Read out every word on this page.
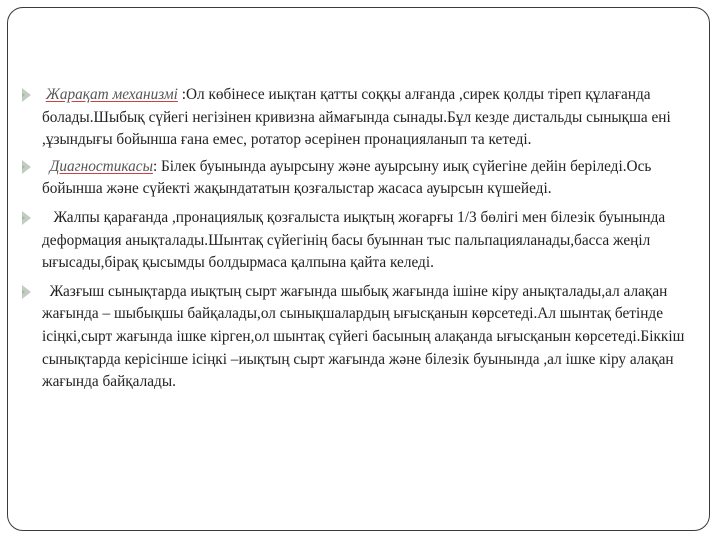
Жарақат механизмі :Ол көбінесе иықтан қатты соққы алғанда ,сирек қолды тіреп құлағанда болады.Шыбық сүйегі негізінен кривизна аймағында сынады.Бұл кезде дистальды сынықша ені ,ұзындығы бойынша ғана емес, ротатор әсерінен пронацияланып та кетеді.
Диагностикасы: Білек буынында ауырсыну және ауырсыну иық сүйегіне дейін беріледі.Ось бойынша және сүйекті жақындататын қозғалыстар жасаса ауырсын күшейеді.
Жалпы қарағанда ,пронациялық қозғалыста иықтың жоғарғы 1/3 бөлігі мен білезік буынында деформация анықталады.Шынтақ сүйегінің басы буыннан тыс пальпацияланады,басса жеңіл ығысады,бірақ қысымды болдырмаса қалпына қайта келеді.
Жазғыш сынықтарда иықтың сырт жағында шыбық жағында ішіне кіру анықталады,ал алақан жағында – шыбықшы байқалады,ол сынықшалардың ығысқанын көрсетеді.Ал шынтақ бетінде ісіңкі,сырт жағында ішке кірген,ол шынтақ сүйегі басының алақанда ығысқанын көрсетеді.Біккіш сынықтарда керісінше ісіңкі –иықтың сырт жағында және білезік буынында ,ал ішке кіру алақан жағында байқалады.
